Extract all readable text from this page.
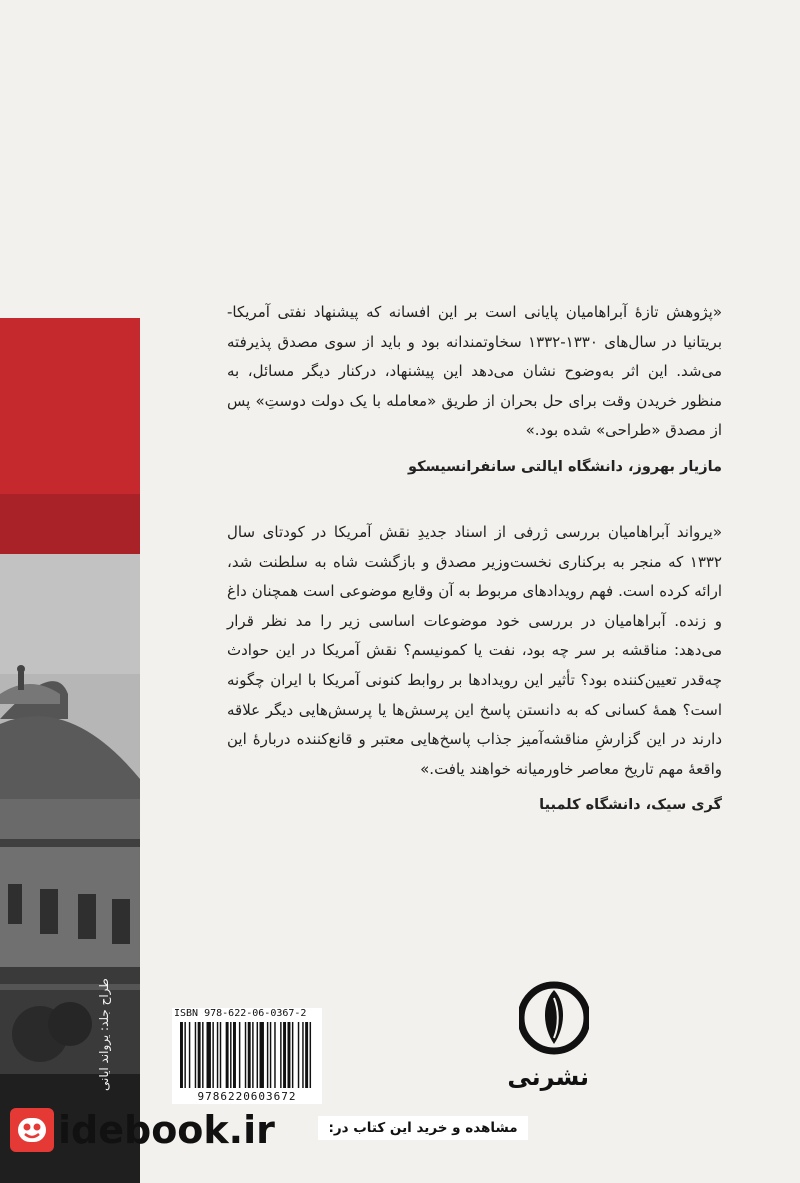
طراح جلد: یرواند ایانی

«پژوهش تازهٔ آبراهامیان پایانی است بر این افسانه که پیشنهاد نفتی آمریکا-بریتانیا در سال‌های ۱۳۳۰-۱۳۳۲ سخاوتمندانه بود و باید از سوی مصدق پذیرفته می‌شد. این اثر به‌وضوح نشان می‌دهد این پیشنهاد، درکنار دیگر مسائل، به منظور خریدن وقت برای حل بحران از طریق «معامله با یک دولت دوستِ» پس از مصدق «طراحی» شده بود.»

مازیار بهروز، دانشگاه ایالتی سانفرانسیسکو

«یرواند آبراهامیان بررسی ژرفی از اسناد جدیدِ نقش آمریکا در کودتای سال ۱۳۳۲ که منجر به برکناری نخست‌وزیر مصدق و بازگشت شاه به سلطنت شد، ارائه کرده است. فهم رویدادهای مربوط به آن وقایع موضوعی است همچنان داغ و زنده. آبراهامیان در بررسی خود موضوعات اساسی زیر را مد نظر قرار می‌دهد: مناقشه بر سر چه بود، نفت یا کمونیسم؟ نقش آمریکا در این حوادث چه‌قدر تعیین‌کننده بود؟ تأثیر این رویدادها بر روابط کنونی آمریکا با ایران چگونه است؟ همهٔ کسانی که به دانستن پاسخ این پرسش‌ها یا پرسش‌هایی دیگر علاقه دارند در این گزارشِ مناقشه‌آمیز جذاب پاسخ‌هایی معتبر و قانع‌کننده دربارهٔ این واقعهٔ مهم تاریخ معاصر خاورمیانه خواهند یافت.»

گری سیک، دانشگاه کلمبیا

ISBN 978-622-06-0367-2
9786220603672
نشرنی
idebook.ir	مشاهده و خرید این کتاب در:
